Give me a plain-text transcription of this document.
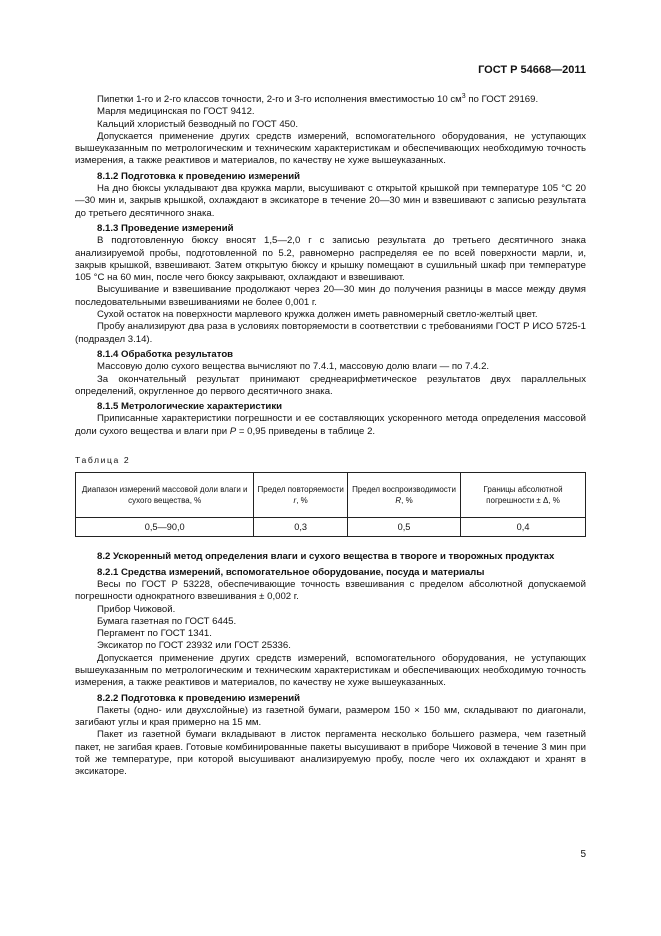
ГОСТ Р 54668—2011

Пипетки 1-го и 2-го классов точности, 2-го и 3-го исполнения вместимостью 10 $см^3$ по ГОСТ 29169.

Марля медицинская по ГОСТ 9412.

Кальций хлористый безводный по ГОСТ 450.

Допускается применение других средств измерений, вспомогательного оборудования, не уступающих вышеуказанным по метрологическим и техническим характеристикам и обеспечивающих необходимую точность измерения, а также реактивов и материалов, по качеству не хуже вышеуказанных.

8.1.2 Подготовка к проведению измерений

На дно бюксы укладывают два кружка марли, высушивают с открытой крышкой при температуре 105 °С 20—30 мин и, закрыв крышкой, охлаждают в эксикаторе в течение 20—30 мин и взвешивают с записью результата до третьего десятичного знака.

8.1.3 Проведение измерений

В подготовленную бюксу вносят 1,5—2,0 г с записью результата до третьего десятичного знака анализируемой пробы, подготовленной по 5.2, равномерно распределяя ее по всей поверхности марли, и, закрыв крышкой, взвешивают. Затем открытую бюксу и крышку помещают в сушильный шкаф при температуре 105 °С на 60 мин, после чего бюксу закрывают, охлаждают и взвешивают.

Высушивание и взвешивание продолжают через 20—30 мин до получения разницы в массе между двумя последовательными взвешиваниями не более 0,001 г.

Сухой остаток на поверхности марлевого кружка должен иметь равномерный светло-желтый цвет.

Пробу анализируют два раза в условиях повторяемости в соответствии с требованиями ГОСТ Р ИСО 5725-1 (подраздел 3.14).

8.1.4 Обработка результатов

Массовую долю сухого вещества вычисляют по 7.4.1, массовую долю влаги — по 7.4.2.

За окончательный результат принимают среднеарифметическое результатов двух параллельных определений, округленное до первого десятичного знака.

8.1.5 Метрологические характеристики

Приписанные характеристики погрешности и ее составляющих ускоренного метода определения массовой доли сухого вещества и влаги при P = 0,95 приведены в таблице 2.

Таблица 2

Диапазон измерений массовой доли влаги и сухого вещества, %	Предел повторяемости r, %	Предел воспроизводимости R, %	Границы абсолютной погрешности ± Δ, %
0,5—90,0	0,3	0,5	0,4

8.2 Ускоренный метод определения влаги и сухого вещества в твороге и творожных продуктах

8.2.1 Средства измерений, вспомогательное оборудование, посуда и материалы

Весы по ГОСТ Р 53228, обеспечивающие точность взвешивания с пределом абсолютной допускаемой погрешности однократного взвешивания ± 0,002 г.

Прибор Чижовой.

Бумага газетная по ГОСТ 6445.

Пергамент по ГОСТ 1341.

Эксикатор по ГОСТ 23932 или ГОСТ 25336.

Допускается применение других средств измерений, вспомогательного оборудования, не уступающих вышеуказанным по метрологическим и техническим характеристикам и обеспечивающих необходимую точность измерения, а также реактивов и материалов, по качеству не хуже вышеуказанных.

8.2.2 Подготовка к проведению измерений

Пакеты (одно- или двухслойные) из газетной бумаги, размером 150 × 150 мм, складывают по диагонали, загибают углы и края примерно на 15 мм.

Пакет из газетной бумаги вкладывают в листок пергамента несколько большего размера, чем газетный пакет, не загибая краев. Готовые комбинированные пакеты высушивают в приборе Чижовой в течение 3 мин при той же температуре, при которой высушивают анализируемую пробу, после чего их охлаждают и хранят в эксикаторе.

5
